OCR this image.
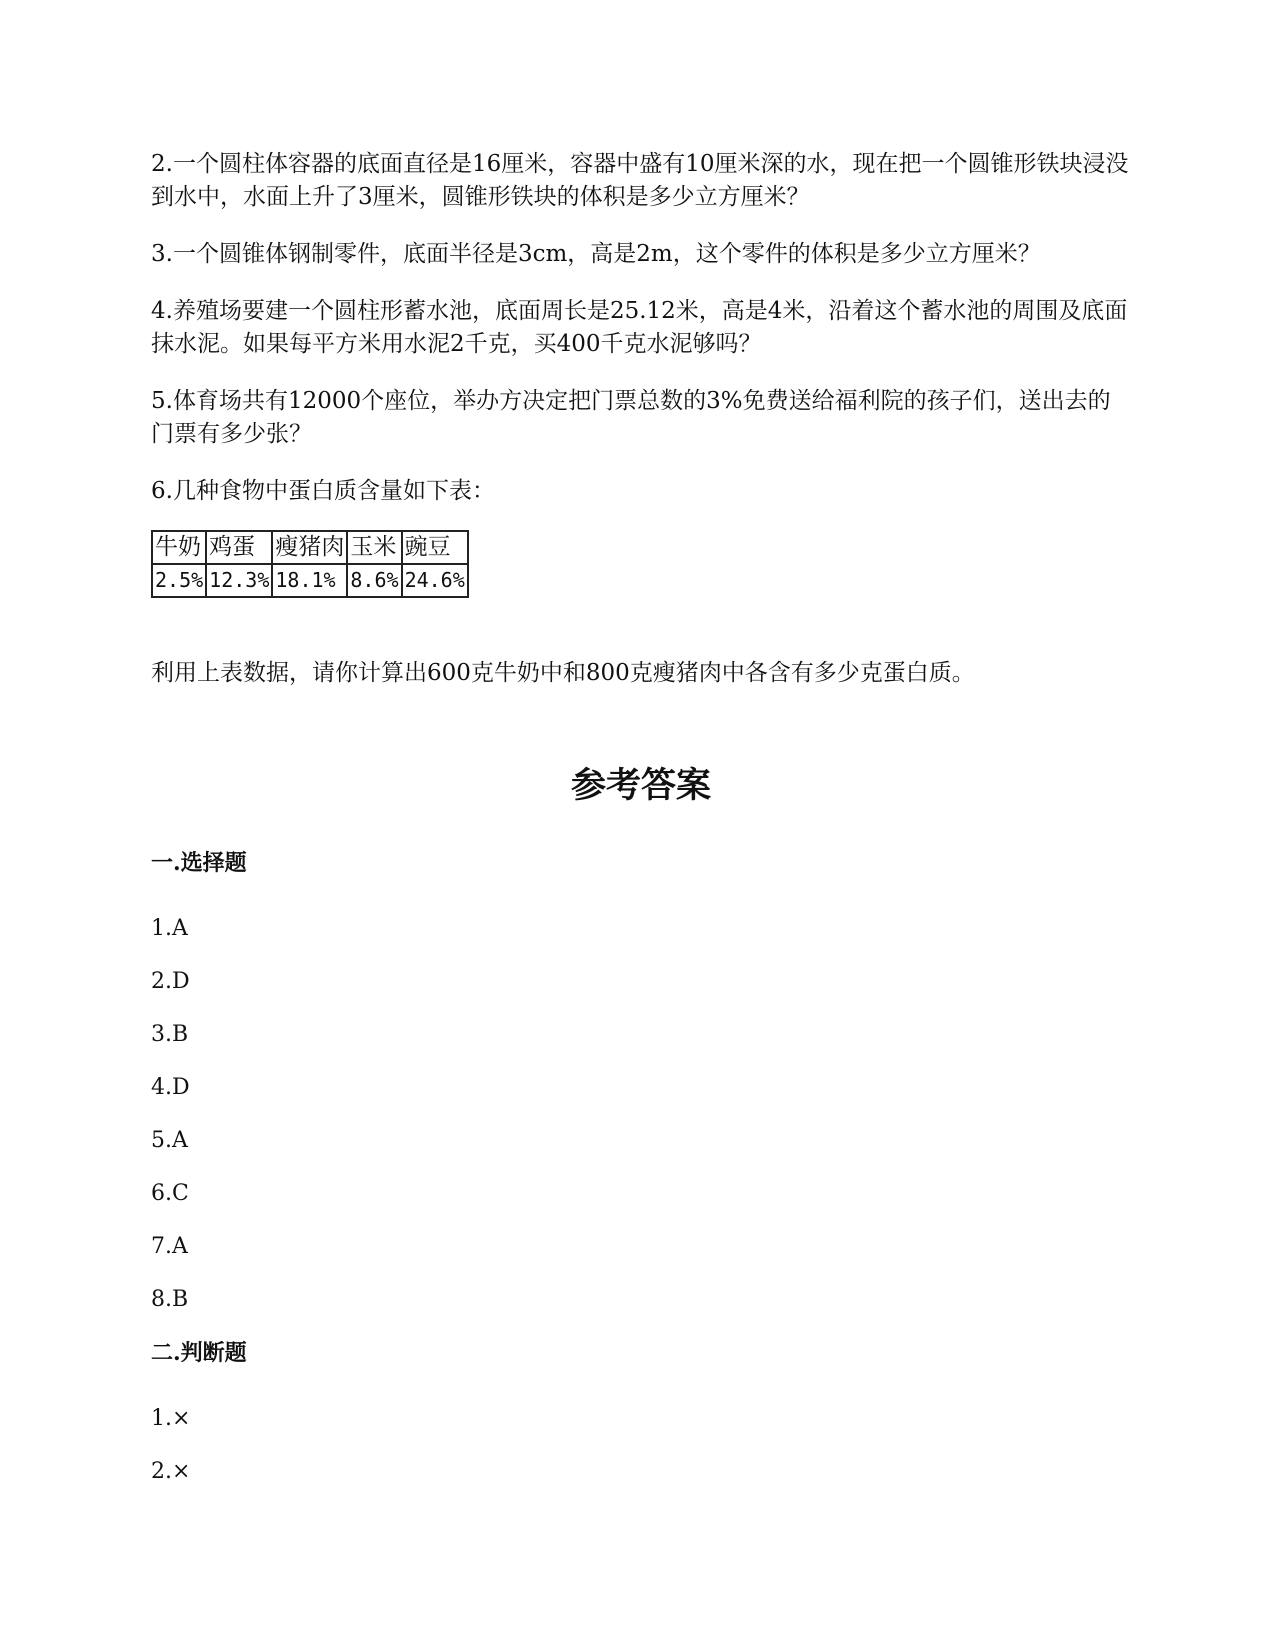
2.一个圆柱体容器的底面直径是16厘米，容器中盛有10厘米深的水，现在把一个圆锥形铁块浸没到水中，水面上升了3厘米，圆锥形铁块的体积是多少立方厘米？

3.一个圆锥体钢制零件，底面半径是3cm，高是2m，这个零件的体积是多少立方厘米？

4.养殖场要建一个圆柱形蓄水池，底面周长是25.12米，高是4米，沿着这个蓄水池的周围及底面抹水泥。如果每平方米用水泥2千克，买400千克水泥够吗？

5.体育场共有12000个座位，举办方决定把门票总数的3%免费送给福利院的孩子们，送出去的门票有多少张？

6.几种食物中蛋白质含量如下表：

牛奶	鸡蛋	瘦猪肉	玉米	豌豆
2.5%	12.3%	18.1%	8.6%	24.6%

利用上表数据，请你计算出600克牛奶中和800克瘦猪肉中各含有多少克蛋白质。

参考答案
一.选择题
1.A
2.D
3.B
4.D
5.A
6.C
7.A
8.B
二.判断题
1.×
2.×
